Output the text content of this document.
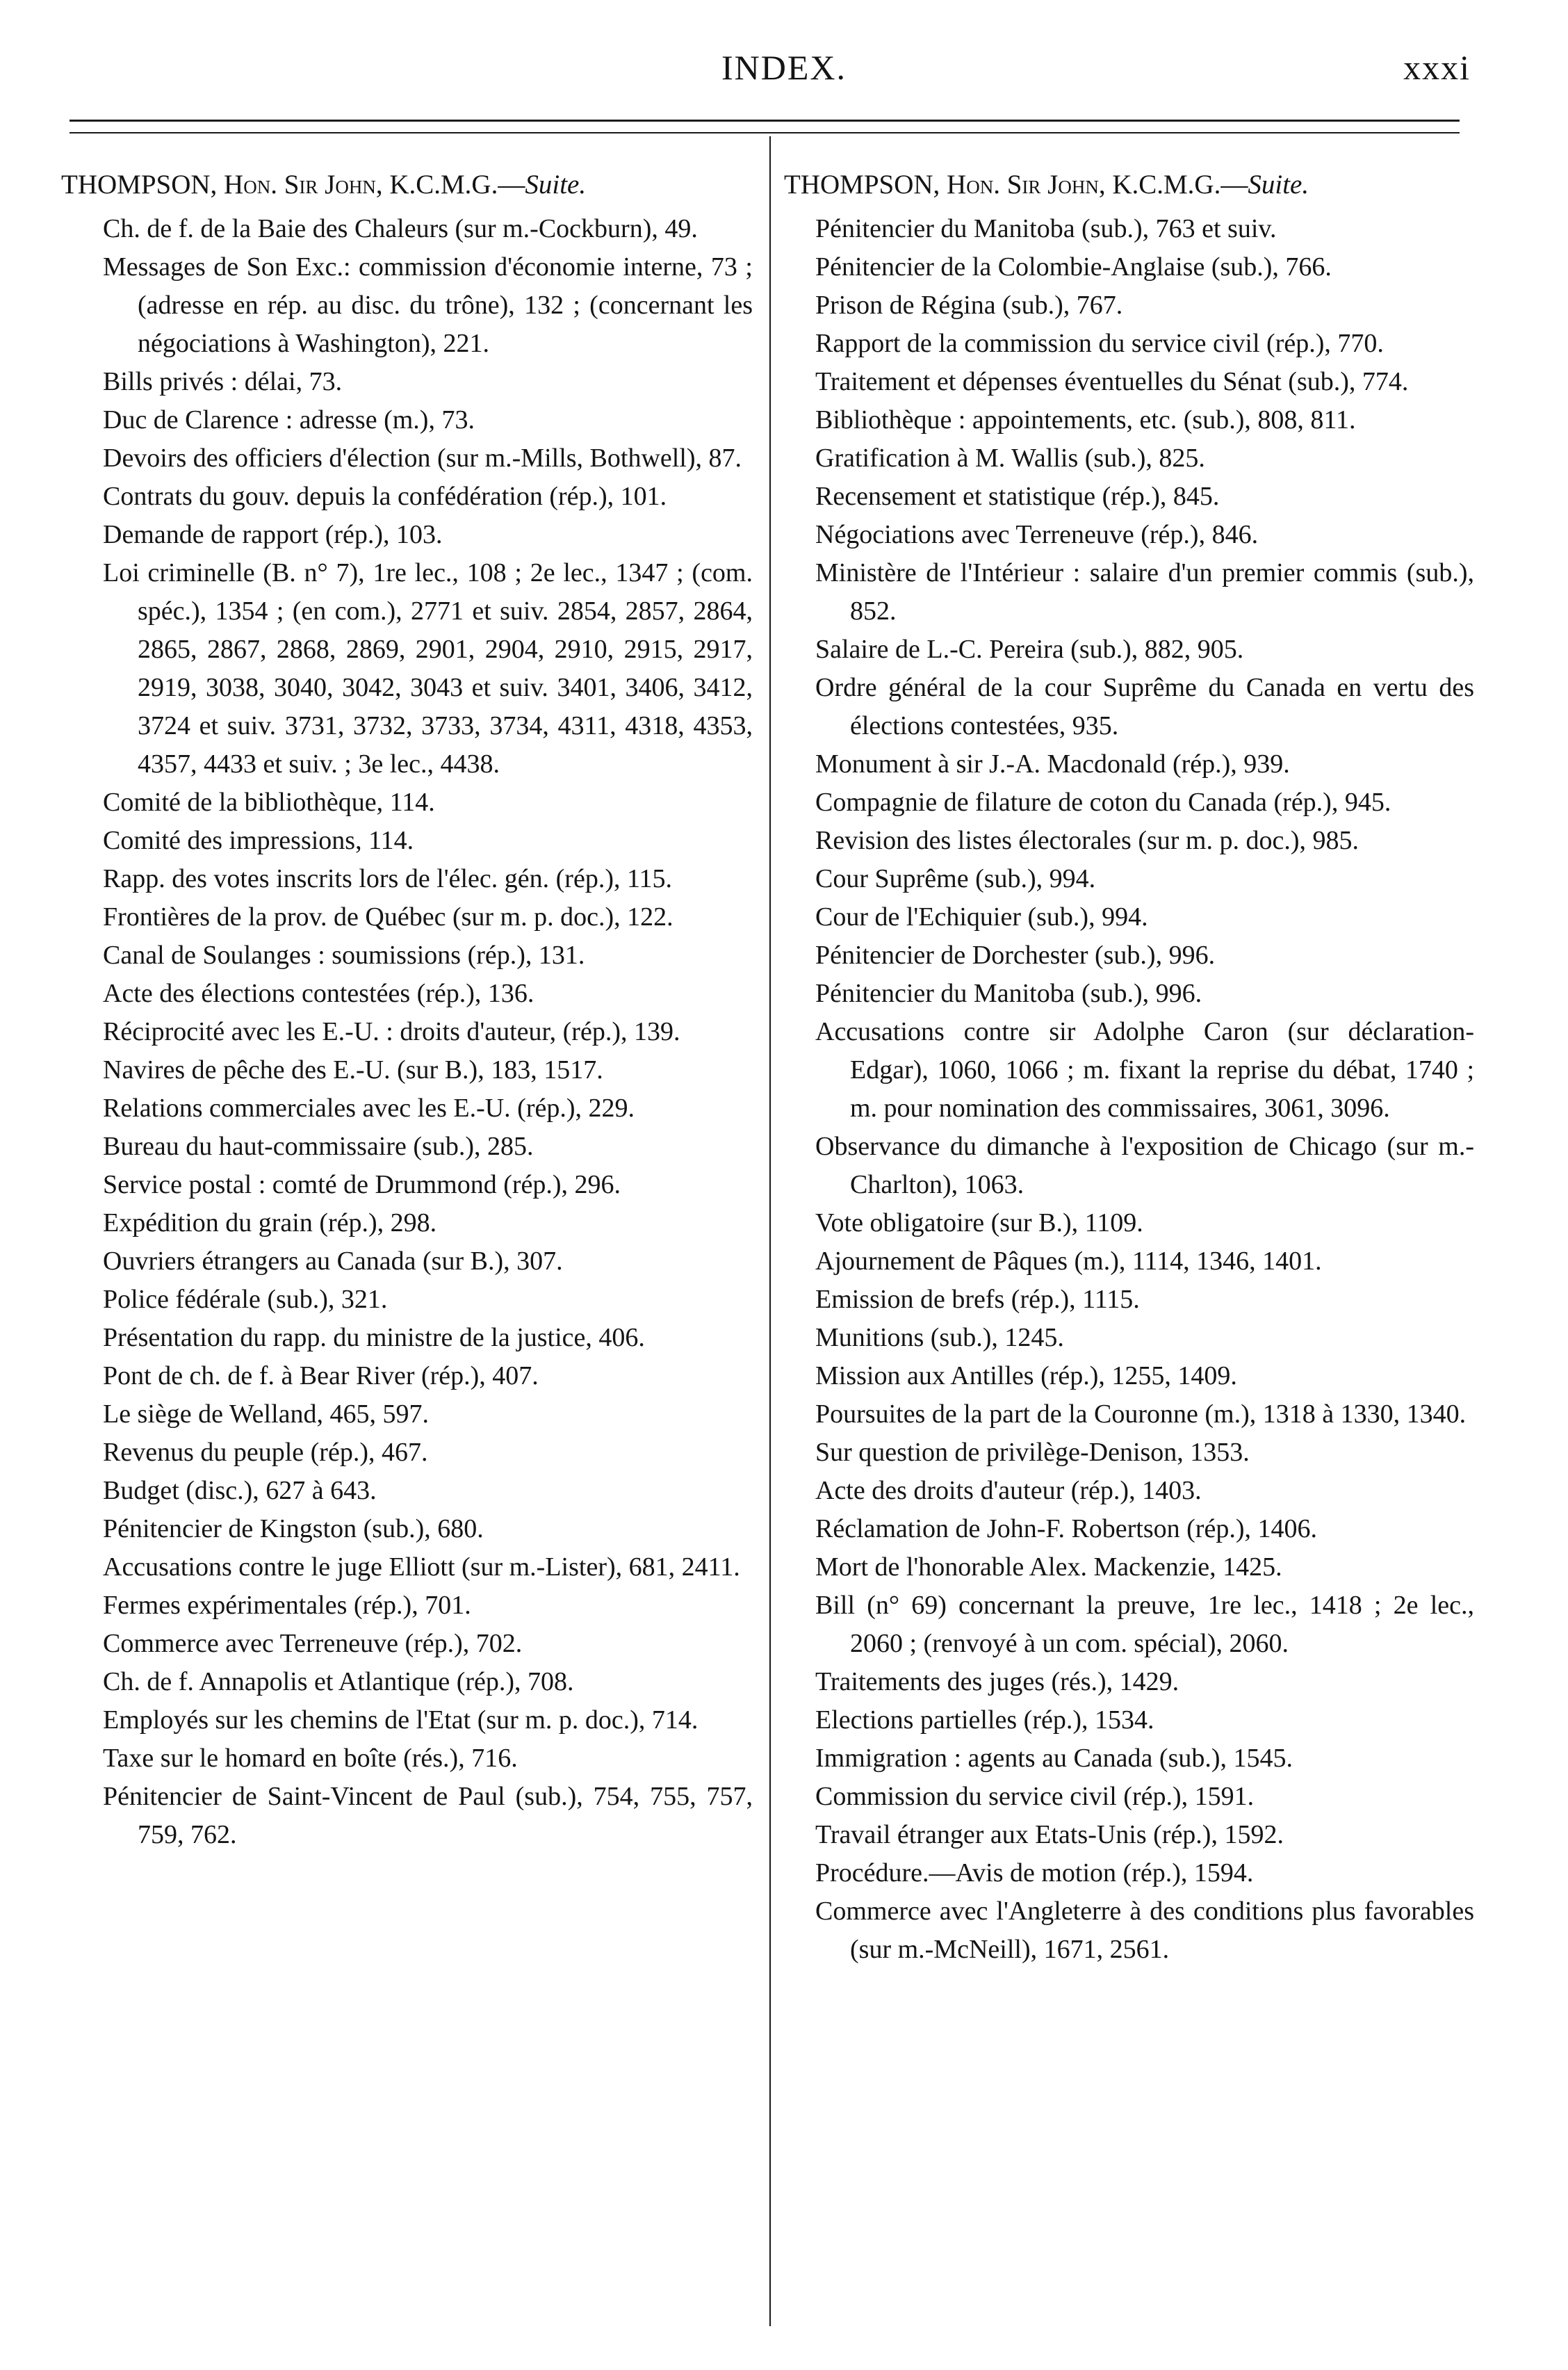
INDEX.	xxxi
THOMPSON, Hon. Sir John, K.C.M.G.—Suite.

Ch. de f. de la Baie des Chaleurs (sur m.-Cockburn), 49.

Messages de Son Exc.: commission d'économie interne, 73 ; (adresse en rép. au disc. du trône), 132 ; (concernant les négociations à Washington), 221.

Bills privés : délai, 73.

Duc de Clarence : adresse (m.), 73.

Devoirs des officiers d'élection (sur m.-Mills, Bothwell), 87.

Contrats du gouv. depuis la confédération (rép.), 101.

Demande de rapport (rép.), 103.

Loi criminelle (B. n° 7), 1re lec., 108 ; 2e lec., 1347 ; (com. spéc.), 1354 ; (en com.), 2771 et suiv. 2854, 2857, 2864, 2865, 2867, 2868, 2869, 2901, 2904, 2910, 2915, 2917, 2919, 3038, 3040, 3042, 3043 et suiv. 3401, 3406, 3412, 3724 et suiv. 3731, 3732, 3733, 3734, 4311, 4318, 4353, 4357, 4433 et suiv. ; 3e lec., 4438.

Comité de la bibliothèque, 114.

Comité des impressions, 114.

Rapp. des votes inscrits lors de l'élec. gén. (rép.), 115.

Frontières de la prov. de Québec (sur m. p. doc.), 122.

Canal de Soulanges : soumissions (rép.), 131.

Acte des élections contestées (rép.), 136.

Réciprocité avec les E.-U. : droits d'auteur, (rép.), 139.

Navires de pêche des E.-U. (sur B.), 183, 1517.

Relations commerciales avec les E.-U. (rép.), 229.

Bureau du haut-commissaire (sub.), 285.

Service postal : comté de Drummond (rép.), 296.

Expédition du grain (rép.), 298.

Ouvriers étrangers au Canada (sur B.), 307.

Police fédérale (sub.), 321.

Présentation du rapp. du ministre de la justice, 406.

Pont de ch. de f. à Bear River (rép.), 407.

Le siège de Welland, 465, 597.

Revenus du peuple (rép.), 467.

Budget (disc.), 627 à 643.

Pénitencier de Kingston (sub.), 680.

Accusations contre le juge Elliott (sur m.-Lister), 681, 2411.

Fermes expérimentales (rép.), 701.

Commerce avec Terreneuve (rép.), 702.

Ch. de f. Annapolis et Atlantique (rép.), 708.

Employés sur les chemins de l'Etat (sur m. p. doc.), 714.

Taxe sur le homard en boîte (rés.), 716.

Pénitencier de Saint-Vincent de Paul (sub.), 754, 755, 757, 759, 762.

THOMPSON, Hon. Sir John, K.C.M.G.—Suite.

Pénitencier du Manitoba (sub.), 763 et suiv.

Pénitencier de la Colombie-Anglaise (sub.), 766.

Prison de Régina (sub.), 767.

Rapport de la commission du service civil (rép.), 770.

Traitement et dépenses éventuelles du Sénat (sub.), 774.

Bibliothèque : appointements, etc. (sub.), 808, 811.

Gratification à M. Wallis (sub.), 825.

Recensement et statistique (rép.), 845.

Négociations avec Terreneuve (rép.), 846.

Ministère de l'Intérieur : salaire d'un premier commis (sub.), 852.

Salaire de L.-C. Pereira (sub.), 882, 905.

Ordre général de la cour Suprême du Canada en vertu des élections contestées, 935.

Monument à sir J.-A. Macdonald (rép.), 939.

Compagnie de filature de coton du Canada (rép.), 945.

Revision des listes électorales (sur m. p. doc.), 985.

Cour Suprême (sub.), 994.

Cour de l'Echiquier (sub.), 994.

Pénitencier de Dorchester (sub.), 996.

Pénitencier du Manitoba (sub.), 996.

Accusations contre sir Adolphe Caron (sur déclaration-Edgar), 1060, 1066 ; m. fixant la reprise du débat, 1740 ; m. pour nomination des commissaires, 3061, 3096.

Observance du dimanche à l'exposition de Chicago (sur m.-Charlton), 1063.

Vote obligatoire (sur B.), 1109.

Ajournement de Pâques (m.), 1114, 1346, 1401.

Emission de brefs (rép.), 1115.

Munitions (sub.), 1245.

Mission aux Antilles (rép.), 1255, 1409.

Poursuites de la part de la Couronne (m.), 1318 à 1330, 1340.

Sur question de privilège-Denison, 1353.

Acte des droits d'auteur (rép.), 1403.

Réclamation de John-F. Robertson (rép.), 1406.

Mort de l'honorable Alex. Mackenzie, 1425.

Bill (n° 69) concernant la preuve, 1re lec., 1418 ; 2e lec., 2060 ; (renvoyé à un com. spécial), 2060.

Traitements des juges (rés.), 1429.

Elections partielles (rép.), 1534.

Immigration : agents au Canada (sub.), 1545.

Commission du service civil (rép.), 1591.

Travail étranger aux Etats-Unis (rép.), 1592.

Procédure.—Avis de motion (rép.), 1594.

Commerce avec l'Angleterre à des conditions plus favorables (sur m.-McNeill), 1671, 2561.
